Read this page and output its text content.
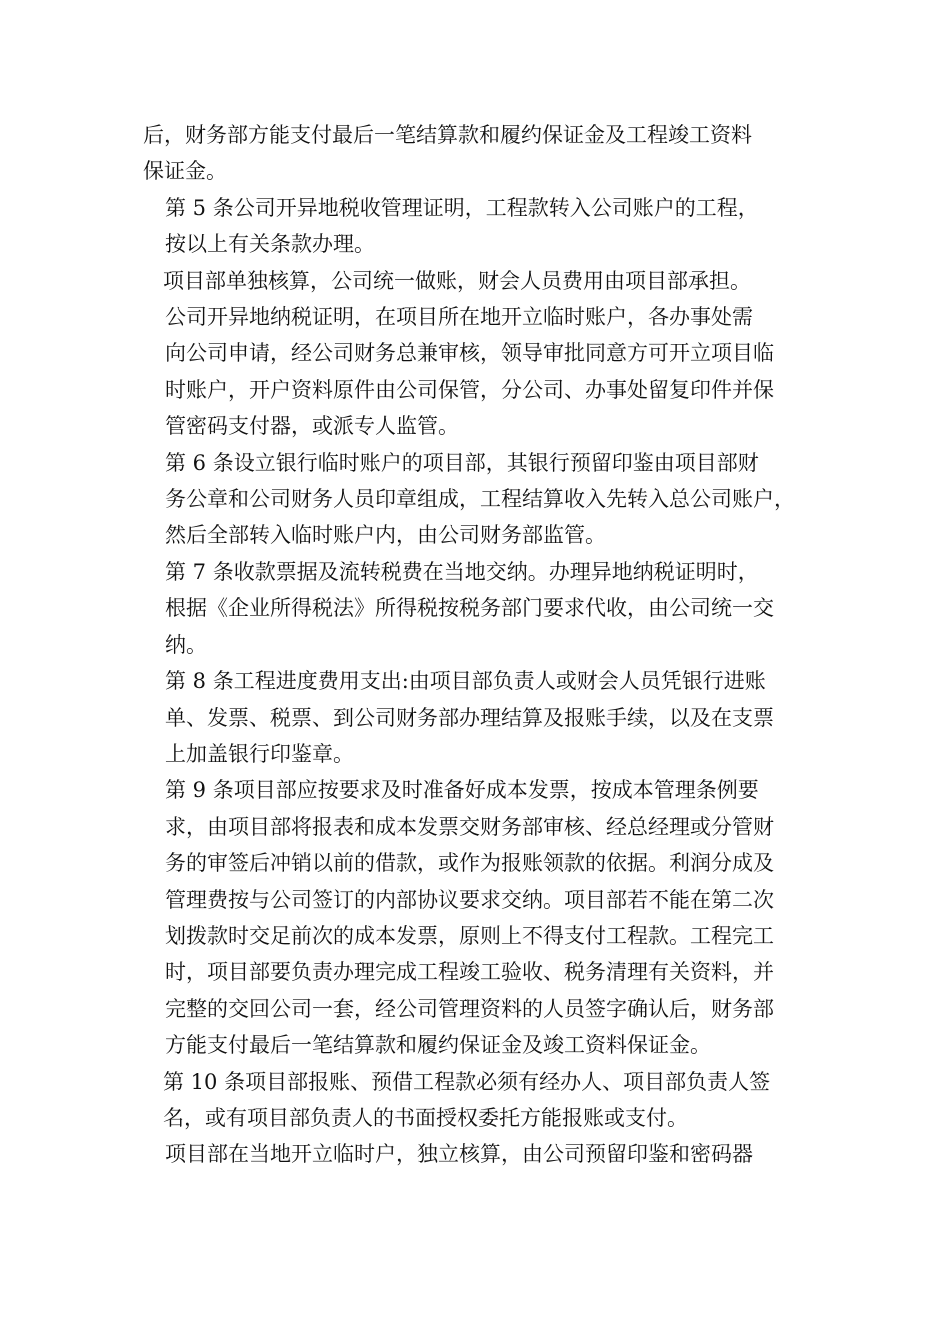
后，财务部方能支付最后一笔结算款和履约保证金及工程竣工资料
保证金。

第 5 条公司开异地税收管理证明，工程款转入公司账户的工程，
按以上有关条款办理。

项目部单独核算，公司统一做账，财会人员费用由项目部承担。

公司开异地纳税证明，在项目所在地开立临时账户，各办事处需
向公司申请，经公司财务总兼审核，领导审批同意方可开立项目临
时账户，开户资料原件由公司保管，分公司、办事处留复印件并保
管密码支付器，或派专人监管。

第 6 条设立银行临时账户的项目部，其银行预留印鉴由项目部财
务公章和公司财务人员印章组成，工程结算收入先转入总公司账户，
然后全部转入临时账户内，由公司财务部监管。

第 7 条收款票据及流转税费在当地交纳。办理异地纳税证明时，
根据《企业所得税法》所得税按税务部门要求代收，由公司统一交
纳。

第 8 条工程进度费用支出:由项目部负责人或财会人员凭银行进账
单、发票、税票、到公司财务部办理结算及报账手续，以及在支票
上加盖银行印鉴章。

第 9 条项目部应按要求及时准备好成本发票，按成本管理条例要
求，由项目部将报表和成本发票交财务部审核、经总经理或分管财
务的审签后冲销以前的借款，或作为报账领款的依据。利润分成及
管理费按与公司签订的内部协议要求交纳。项目部若不能在第二次
划拨款时交足前次的成本发票，原则上不得支付工程款。工程完工
时，项目部要负责办理完成工程竣工验收、税务清理有关资料，并
完整的交回公司一套，经公司管理资料的人员签字确认后，财务部
方能支付最后一笔结算款和履约保证金及竣工资料保证金。

第 10 条项目部报账、预借工程款必须有经办人、项目部负责人签
名，或有项目部负责人的书面授权委托方能报账或支付。

项目部在当地开立临时户，独立核算，由公司预留印鉴和密码器
